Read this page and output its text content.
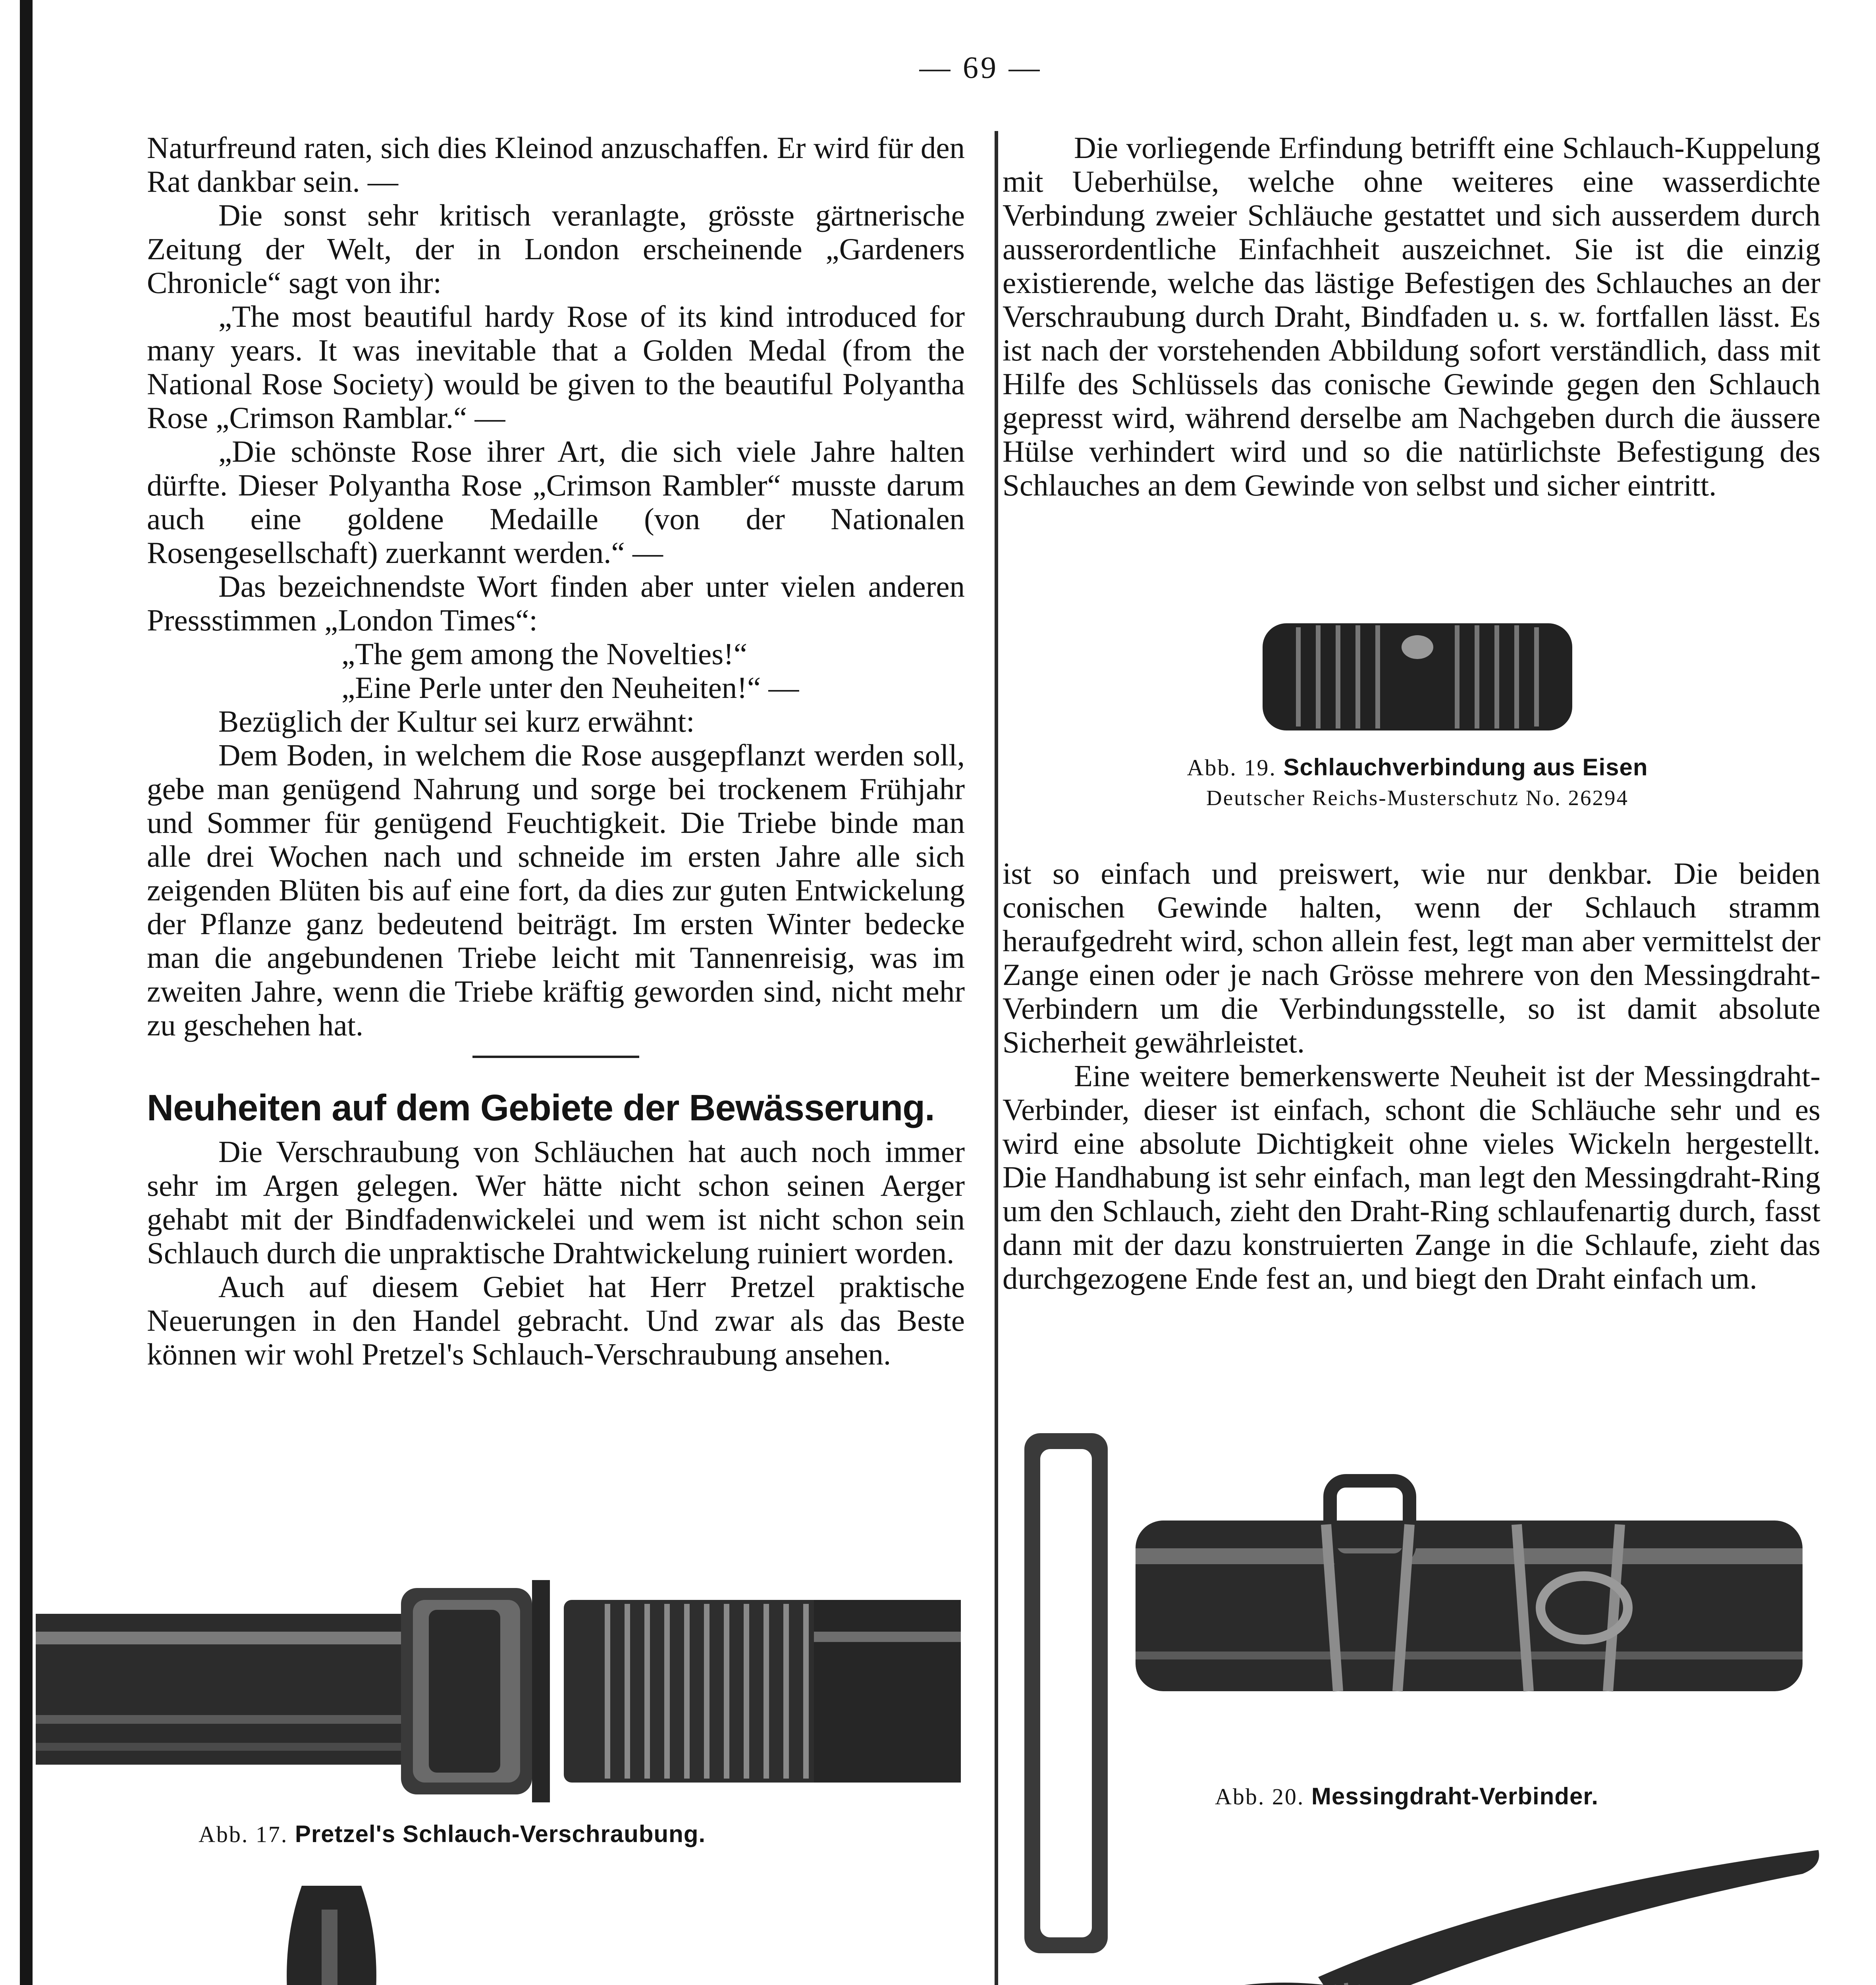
— 69 —

Naturfreund raten, sich dies Kleinod anzuschaffen. Er wird für den Rat dankbar sein. —

Die sonst sehr kritisch veranlagte, grösste gärtnerische Zeitung der Welt, der in London erscheinende „Gardeners Chronicle“ sagt von ihr:

„The most beautiful hardy Rose of its kind introduced for many years. It was inevitable that a Golden Medal (from the National Rose Society) would be given to the beautiful Polyantha Rose „Crimson Ramblar.“ —

„Die schönste Rose ihrer Art, die sich viele Jahre halten dürfte. Dieser Polyantha Rose „Crimson Rambler“ musste darum auch eine goldene Medaille (von der Nationalen Rosengesellschaft) zuerkannt werden.“ —

Das bezeichnendste Wort finden aber unter vielen anderen Pressstimmen „London Times“:

„The gem among the Novelties!“

„Eine Perle unter den Neuheiten!“ —

Bezüglich der Kultur sei kurz erwähnt:

Dem Boden, in welchem die Rose ausgepflanzt werden soll, gebe man genügend Nahrung und sorge bei trockenem Frühjahr und Sommer für genügend Feuchtigkeit. Die Triebe binde man alle drei Wochen nach und schneide im ersten Jahre alle sich zeigenden Blüten bis auf eine fort, da dies zur guten Entwickelung der Pflanze ganz bedeutend beiträgt. Im ersten Winter bedecke man die angebundenen Triebe leicht mit Tannenreisig, was im zweiten Jahre, wenn die Triebe kräftig geworden sind, nicht mehr zu geschehen hat.

Neuheiten auf dem Gebiete der Bewässerung.

Die Verschraubung von Schläuchen hat auch noch immer sehr im Argen gelegen. Wer hätte nicht schon seinen Aerger gehabt mit der Bindfadenwickelei und wem ist nicht schon sein Schlauch durch die unpraktische Drahtwickelung ruiniert worden.

Auch auf diesem Gebiet hat Herr Pretzel praktische Neuerungen in den Handel gebracht. Und zwar als das Beste können wir wohl Pretzel's Schlauch-Verschraubung ansehen.

Abb. 17. Pretzel's Schlauch-Verschraubung.

Die vorliegende Erfindung betrifft eine Schlauch-Kuppelung mit Ueberhülse, welche ohne weiteres eine wasserdichte Verbindung zweier Schläuche gestattet und sich ausserdem durch ausserordentliche Einfachheit auszeichnet. Sie ist die einzig existierende, welche das lästige Befestigen des Schlauches an der Verschraubung durch Draht, Bindfaden u. s. w. fortfallen lässt. Es ist nach der vorstehenden Abbildung sofort verständlich, dass mit Hilfe des Schlüssels das conische Gewinde gegen den Schlauch gepresst wird, während derselbe am Nachgeben durch die äussere Hülse verhindert wird und so die natürlichste Befestigung des Schlauches an dem Gewinde von selbst und sicher eintritt.

Abb. 19. Schlauchverbindung aus Eisen
Deutscher Reichs-Musterschutz No. 26294

ist so einfach und preiswert, wie nur denkbar. Die beiden conischen Gewinde halten, wenn der Schlauch stramm heraufgedreht wird, schon allein fest, legt man aber vermittelst der Zange einen oder je nach Grösse mehrere von den Messingdraht-Verbindern um die Verbindungsstelle, so ist damit absolute Sicherheit gewährleistet.

Eine weitere bemerkenswerte Neuheit ist der Messingdraht-Verbinder, dieser ist einfach, schont die Schläuche sehr und es wird eine absolute Dichtigkeit ohne vieles Wickeln hergestellt. Die Handhabung ist sehr einfach, man legt den Messingdraht-Ring um den Schlauch, zieht den Draht-Ring schlaufenartig durch, fasst dann mit der dazu konstruierten Zange in die Schlaufe, zieht das durchgezogene Ende fest an, und biegt den Draht einfach um.

Abb. 20. Messingdraht-Verbinder.
